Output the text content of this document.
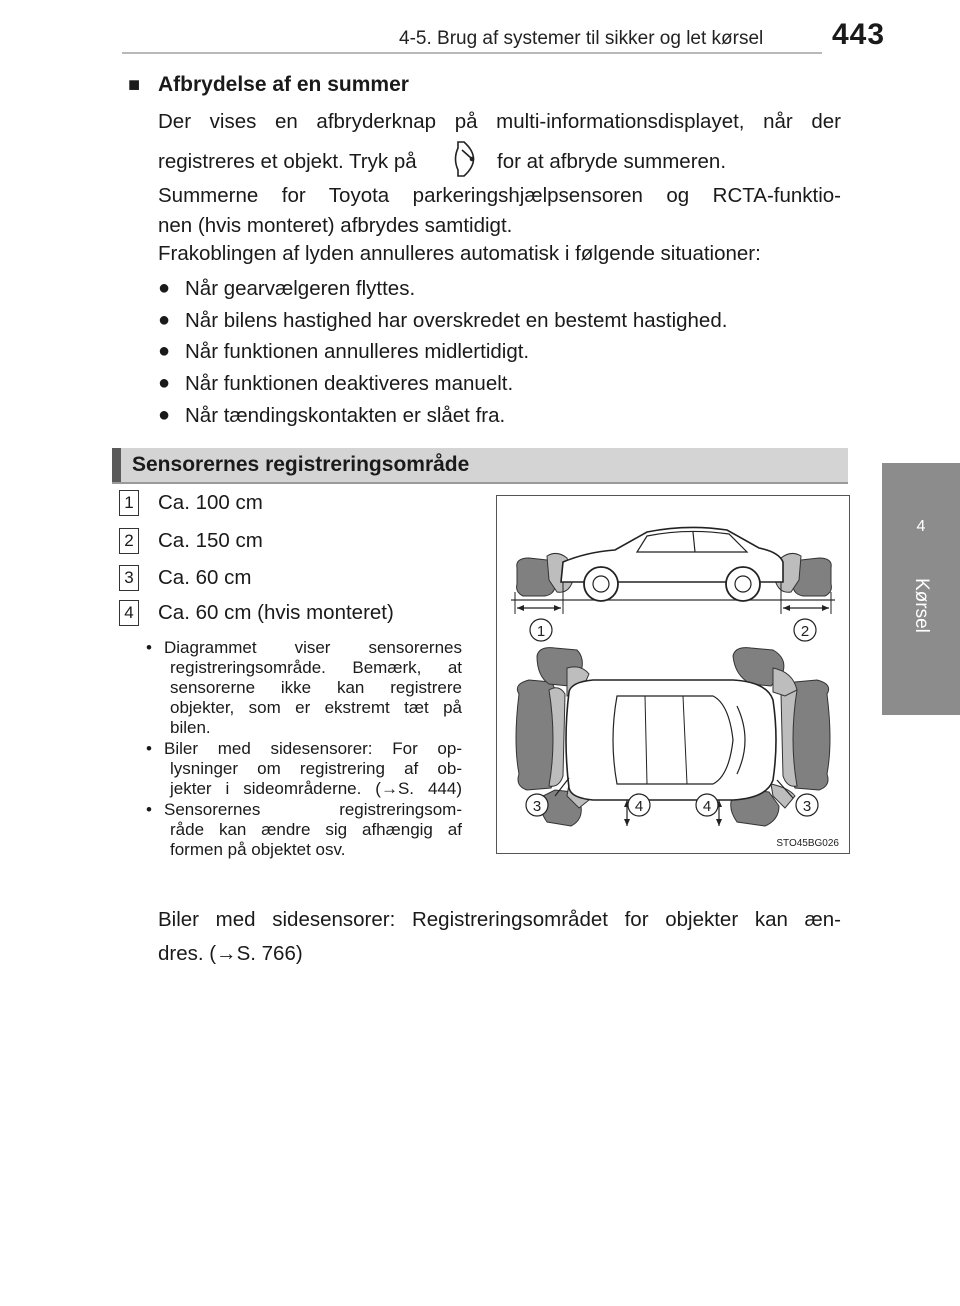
4-5. Brug af systemer til sikker og let kørsel 443
4
Kørsel
■ Afbrydelse af en summer
Der vises en afbryderknap på multi-informationsdisplayet, når der
registreres et objekt. Tryk på	for at afbryde summeren.
Summerne for Toyota parkeringshjælpsensoren og RCTA-funktio-
nen (hvis monteret) afbrydes samtidigt.
Frakoblingen af lyden annulleres automatisk i følgende situationer:
● Når gearvælgeren flyttes.
● Når bilens hastighed har overskredet en bestemt hastighed.
● Når funktionen annulleres midlertidigt.
● Når funktionen deaktiveres manuelt.
● Når tændingskontakten er slået fra.
Sensorernes registreringsområde
1 Ca. 100 cm
2 Ca. 150 cm
3 Ca. 60 cm
4 Ca. 60 cm (hvis monteret)
• Diagrammet viser sensorernes
registreringsområde. Bemærk, at
sensorerne ikke kan registrere
objekter, som er ekstremt tæt på
bilen.
• Biler med sidesensorer: For op-
lysninger om registrering af ob-
jekter i sideområderne. (→S. 444)
• Sensorernes registreringsom-
råde kan ændre sig afhængig af
formen på objektet osv.
Biler med sidesensorer: Registreringsområdet for objekter kan æn-
dres. (→S. 766)
1	2
3	4	4	3
STO45BG026
